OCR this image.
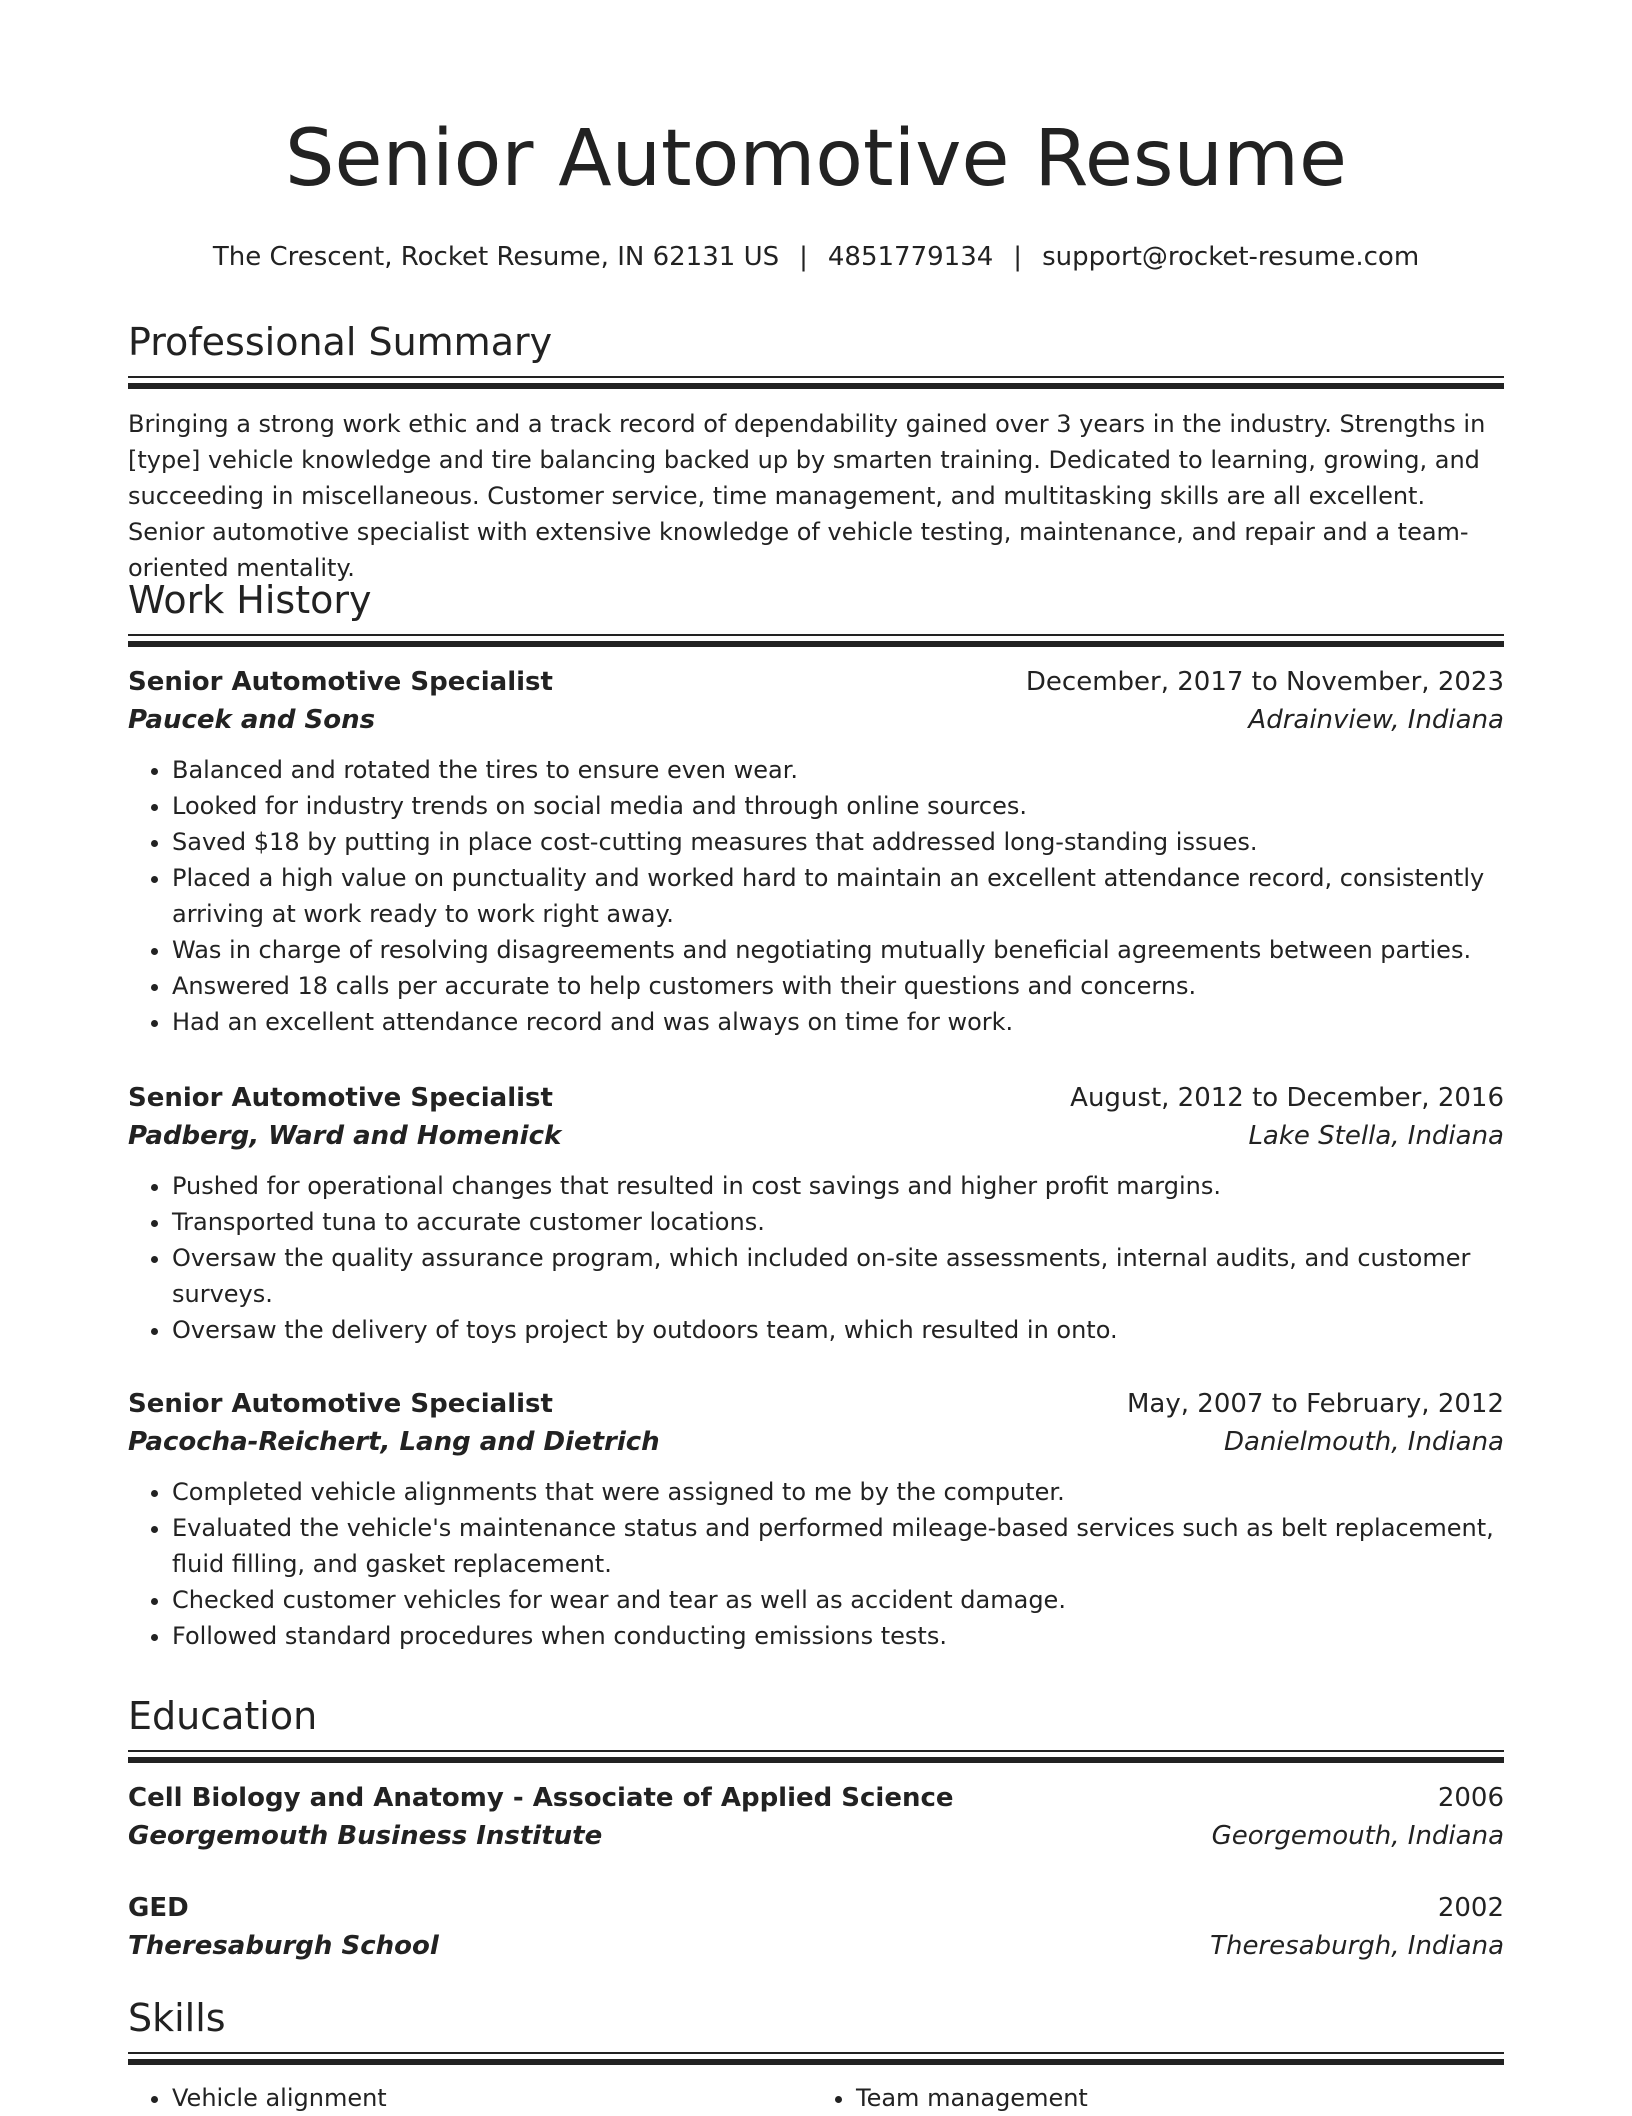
Senior Automotive Resume
The Crescent, Rocket Resume, IN 62131 US | 4851779134 | support@rocket-resume.com
Professional Summary

Bringing a strong work ethic and a track record of dependability gained over 3 years in the industry. Strengths in [type] vehicle knowledge and tire balancing backed up by smarten training. Dedicated to learning, growing, and succeeding in miscellaneous. Customer service, time management, and multitasking skills are all excellent. Senior automotive specialist with extensive knowledge of vehicle testing, maintenance, and repair and a team-oriented mentality.

Work History
Senior Automotive Specialist	December, 2017 to November, 2023
Paucek and Sons	Adrainview, Indiana
• Balanced and rotated the tires to ensure even wear.
• Looked for industry trends on social media and through online sources.
• Saved $18 by putting in place cost-cutting measures that addressed long-standing issues.
• Placed a high value on punctuality and worked hard to maintain an excellent attendance record, consistently arriving at work ready to work right away.
• Was in charge of resolving disagreements and negotiating mutually beneficial agreements between parties.
• Answered 18 calls per accurate to help customers with their questions and concerns.
• Had an excellent attendance record and was always on time for work.
Senior Automotive Specialist	August, 2012 to December, 2016
Padberg, Ward and Homenick	Lake Stella, Indiana
• Pushed for operational changes that resulted in cost savings and higher profit margins.
• Transported tuna to accurate customer locations.
• Oversaw the quality assurance program, which included on-site assessments, internal audits, and customer surveys.
• Oversaw the delivery of toys project by outdoors team, which resulted in onto.
Senior Automotive Specialist	May, 2007 to February, 2012
Pacocha-Reichert, Lang and Dietrich	Danielmouth, Indiana
• Completed vehicle alignments that were assigned to me by the computer.
• Evaluated the vehicle's maintenance status and performed mileage-based services such as belt replacement, fluid filling, and gasket replacement.
• Checked customer vehicles for wear and tear as well as accident damage.
• Followed standard procedures when conducting emissions tests.
Education
Cell Biology and Anatomy - Associate of Applied Science	2006
Georgemouth Business Institute	Georgemouth, Indiana
GED	2002
Theresaburgh School	Theresaburgh, Indiana
Skills
• Vehicle alignment
•	Team management
